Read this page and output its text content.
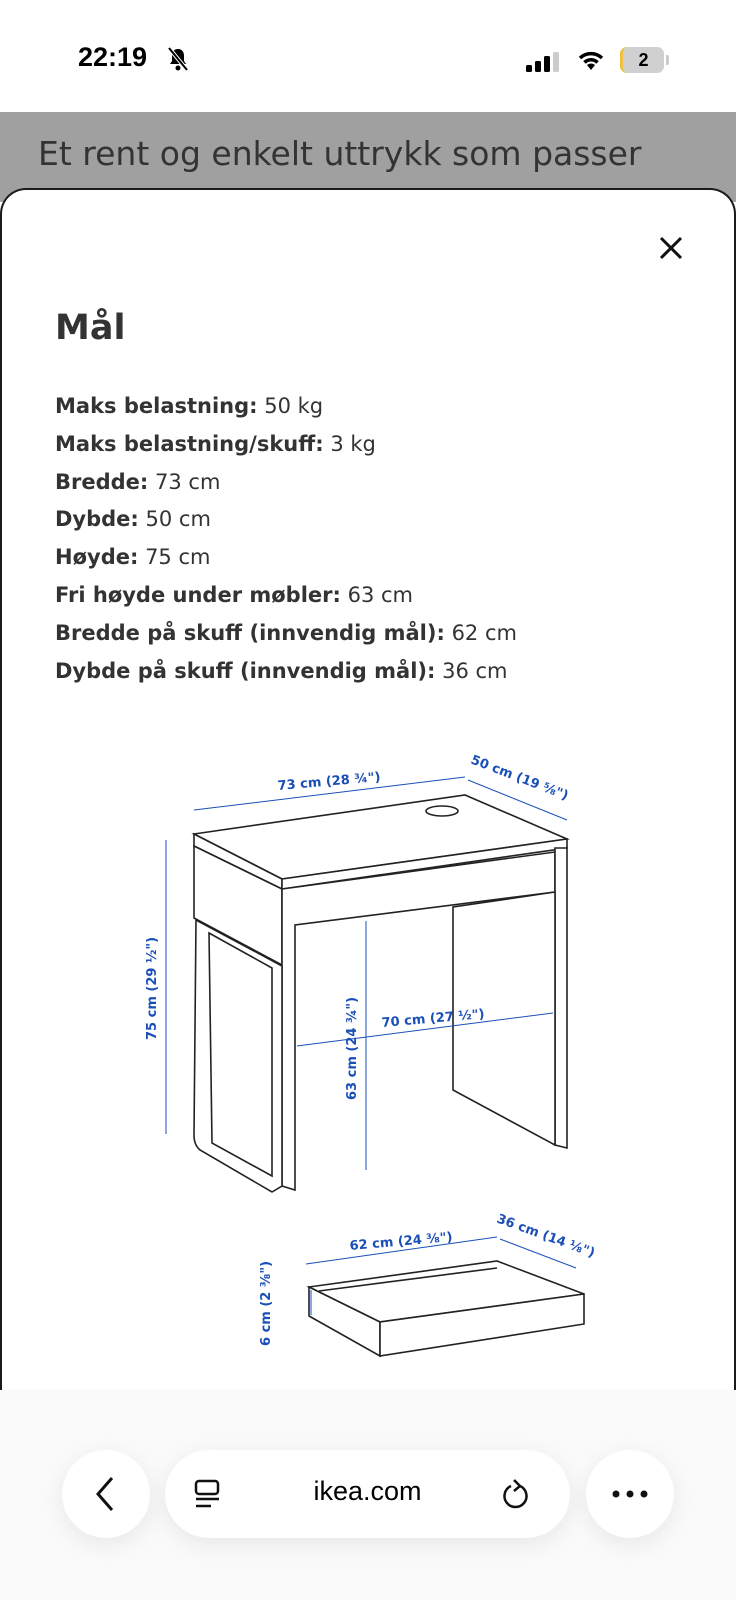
22:19	2
Et rent og enkelt uttrykk som passer
Mål
Maks belastning: 50 kg
Maks belastning/skuff: 3 kg
Bredde: 73 cm
Dybde: 50 cm
Høyde: 75 cm
Fri høyde under møbler: 63 cm
Bredde på skuff (innvendig mål): 62 cm
Dybde på skuff (innvendig mål): 36 cm
73 cm (28 ¾")	50 cm (19 ⅝")
75 cm (29 ½")
63 cm (24 ¾") 70 cm (27 ½")
62 cm (24 ⅜")	36 cm (14 ⅛")
6 cm (2 ⅜")
ikea.com
